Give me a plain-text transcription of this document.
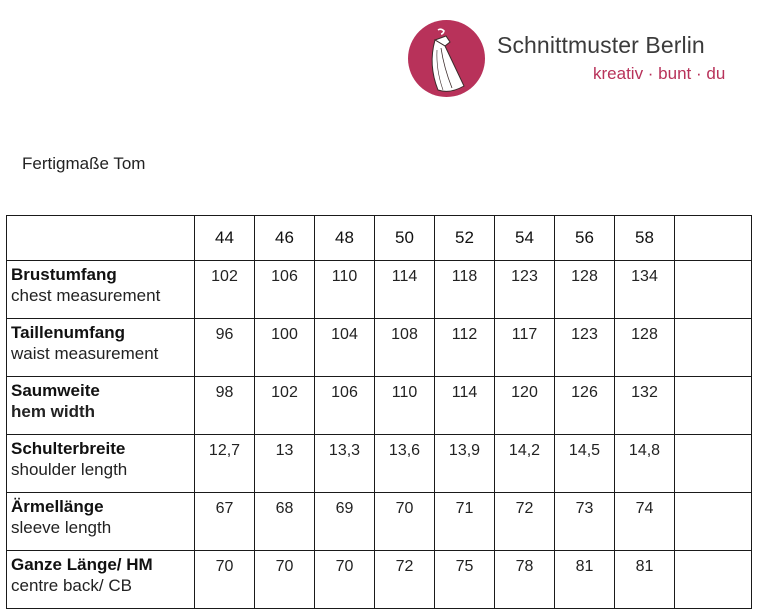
Schnittmuster Berlin
kreativ · bunt · du
Fertigmaße Tom
	44	46	48	50	52	54	56	58	

Brustumfang
chest measurement	102	106	110	114	118	123	128	134	

Taillenumfang
waist measurement	96	100	104	108	112	117	123	128	

Saumweite
hem width	98	102	106	110	114	120	126	132	

Schulterbreite
shoulder length	12,7	13	13,3	13,6	13,9	14,2	14,5	14,8	

Ärmellänge
sleeve length	67	68	69	70	71	72	73	74	

Ganze Länge/ HM
centre back/ CB	70	70	70	72	75	78	81	81	
